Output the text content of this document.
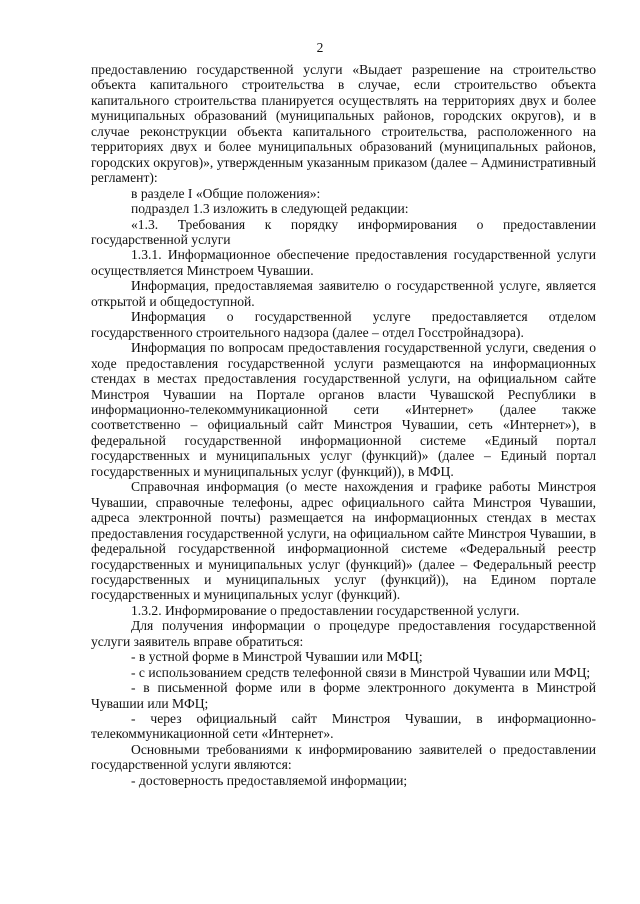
2

предоставлению государственной услуги «Выдает разрешение на строительство объекта капитального строительства в случае, если строительство объекта капитального строительства планируется осуществлять на территориях двух и более муниципальных образований (муниципальных районов, городских округов), и в случае реконструкции объекта капитального строительства, расположенного на территориях двух и более муниципальных образований (муниципальных районов, городских округов)», утвержденным указанным приказом (далее – Административный регламент):

в разделе I «Общие положения»:

подраздел 1.3 изложить в следующей редакции:

«1.3. Требования к порядку информирования о предоставлении государственной услуги

1.3.1. Информационное обеспечение предоставления государственной услуги осуществляется Минстроем Чувашии.

Информация, предоставляемая заявителю о государственной услуге, является открытой и общедоступной.

Информация о государственной услуге предоставляется отделом государственного строительного надзора (далее – отдел Госстройнадзора).

Информация по вопросам предоставления государственной услуги, сведения о ходе предоставления государственной услуги размещаются на информационных стендах в местах предоставления государственной услуги, на официальном сайте Минстроя Чувашии на Портале органов власти Чувашской Республики в информационно-телекоммуникационной сети «Интернет» (далее также соответственно – официальный сайт Минстроя Чувашии, сеть «Интернет»), в федеральной государственной информационной системе «Единый портал государственных и муниципальных услуг (функций)» (далее – Единый портал государственных и муниципальных услуг (функций)), в МФЦ.

Справочная информация (о месте нахождения и графике работы Минстроя Чувашии, справочные телефоны, адрес официального сайта Минстроя Чувашии, адреса электронной почты) размещается на информационных стендах в местах предоставления государственной услуги, на официальном сайте Минстроя Чувашии, в федеральной государственной информационной системе «Федеральный реестр государственных и муниципальных услуг (функций)» (далее – Федеральный реестр государственных и муниципальных услуг (функций)), на Едином портале государственных и муниципальных услуг (функций).

1.3.2. Информирование о предоставлении государственной услуги.

Для получения информации о процедуре предоставления государственной услуги заявитель вправе обратиться:

- в устной форме в Минстрой Чувашии или МФЦ;

- с использованием средств телефонной связи в Минстрой Чувашии или МФЦ;

- в письменной форме или в форме электронного документа в Минстрой Чувашии или МФЦ;

- через официальный сайт Минстроя Чувашии, в информационно-телекоммуникационной сети «Интернет».

Основными требованиями к информированию заявителей о предоставлении государственной услуги являются:

- достоверность предоставляемой информации;
